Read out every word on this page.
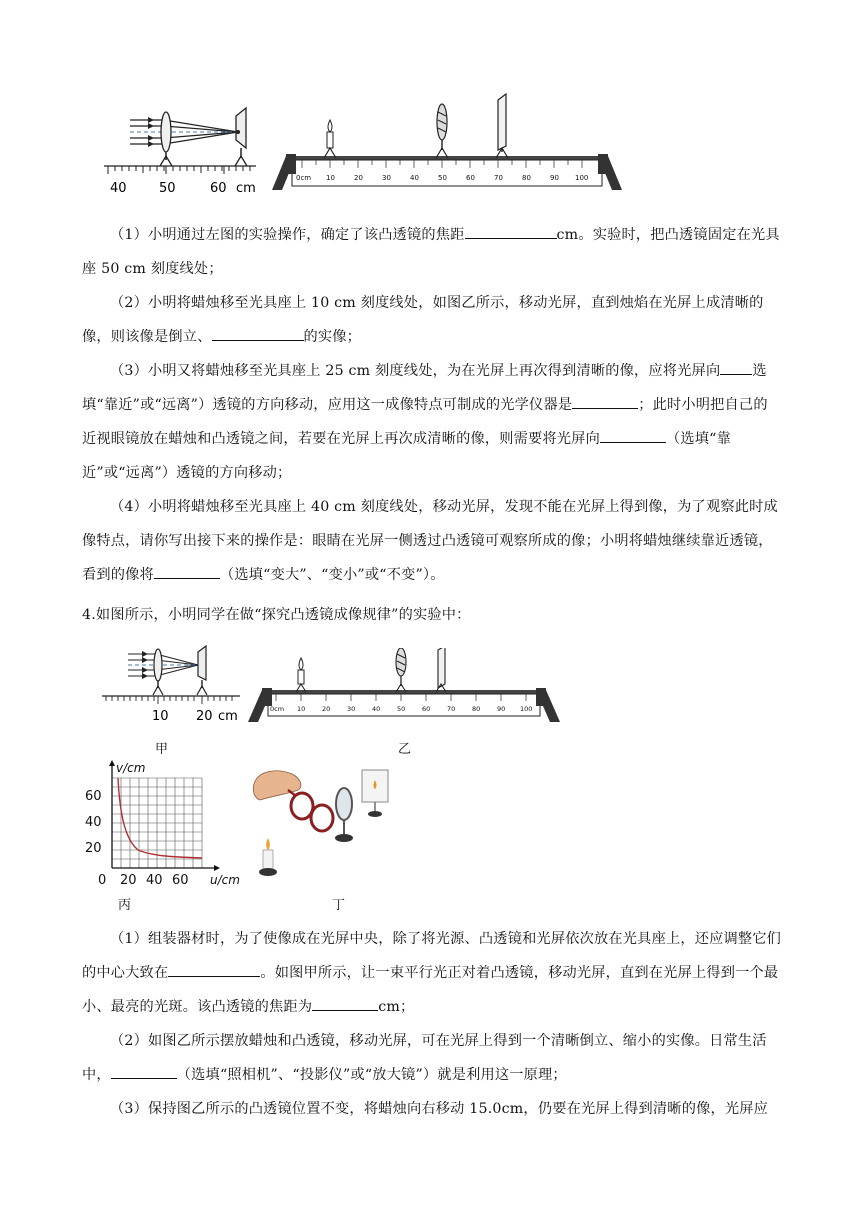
40 50	60 cm
0cm 10	20	30	40	50	60	70	80	90 100
（1）小明通过左图的实验操作，确定了该凸透镜的焦距	cm。实验时，把凸透镜固定在光具座 50 cm 刻度线处；
（2）小明将蜡烛移至光具座上 10 cm 刻度线处，如图乙所示，移动光屏，直到烛焰在光屏上成清晰的像，则该像是倒立、	的实像；
（3）小明又将蜡烛移至光具座上 25 cm 刻度线处，为在光屏上再次得到清晰的像，应将光屏向 选填“靠近”或“远离”）透镜的方向移动，应用这一成像特点可制成的光学仪器是	；此时小明把自己的近视眼镜放在蜡烛和凸透镜之间，若要在光屏上再次成清晰的像，则需要将光屏向	（选填“靠近”或“远离”）透镜的方向移动；
（4）小明将蜡烛移至光具座上 40 cm 刻度线处，移动光屏，发现不能在光屏上得到像，为了观察此时成像特点，请你写出接下来的操作是：眼睛在光屏一侧透过凸透镜可观察所成的像；小明将蜡烛继续靠近透镜，看到的像将	（选填“变大”、“变小”或“不变”）。
4.如图所示，小明同学在做“探究凸透镜成像规律”的实验中：
10 20 cm
甲
0cm 10	20	30	40	50	60	70	80	90 100
乙
v/cm
60
40
20
0 20 40 60 u/cm
丙	丁
（1）组装器材时，为了使像成在光屏中央，除了将光源、凸透镜和光屏依次放在光具座上，还应调整它们的中心大致在	。如图甲所示，让一束平行光正对着凸透镜，移动光屏，直到在光屏上得到一个最小、最亮的光斑。该凸透镜的焦距为	cm；
（2）如图乙所示摆放蜡烛和凸透镜，移动光屏，可在光屏上得到一个清晰倒立、缩小的实像。日常生活中，	（选填“照相机”、“投影仪”或“放大镜”）就是利用这一原理；
（3）保持图乙所示的凸透镜位置不变，将蜡烛向右移动 15.0cm，仍要在光屏上得到清晰的像，光屏应
